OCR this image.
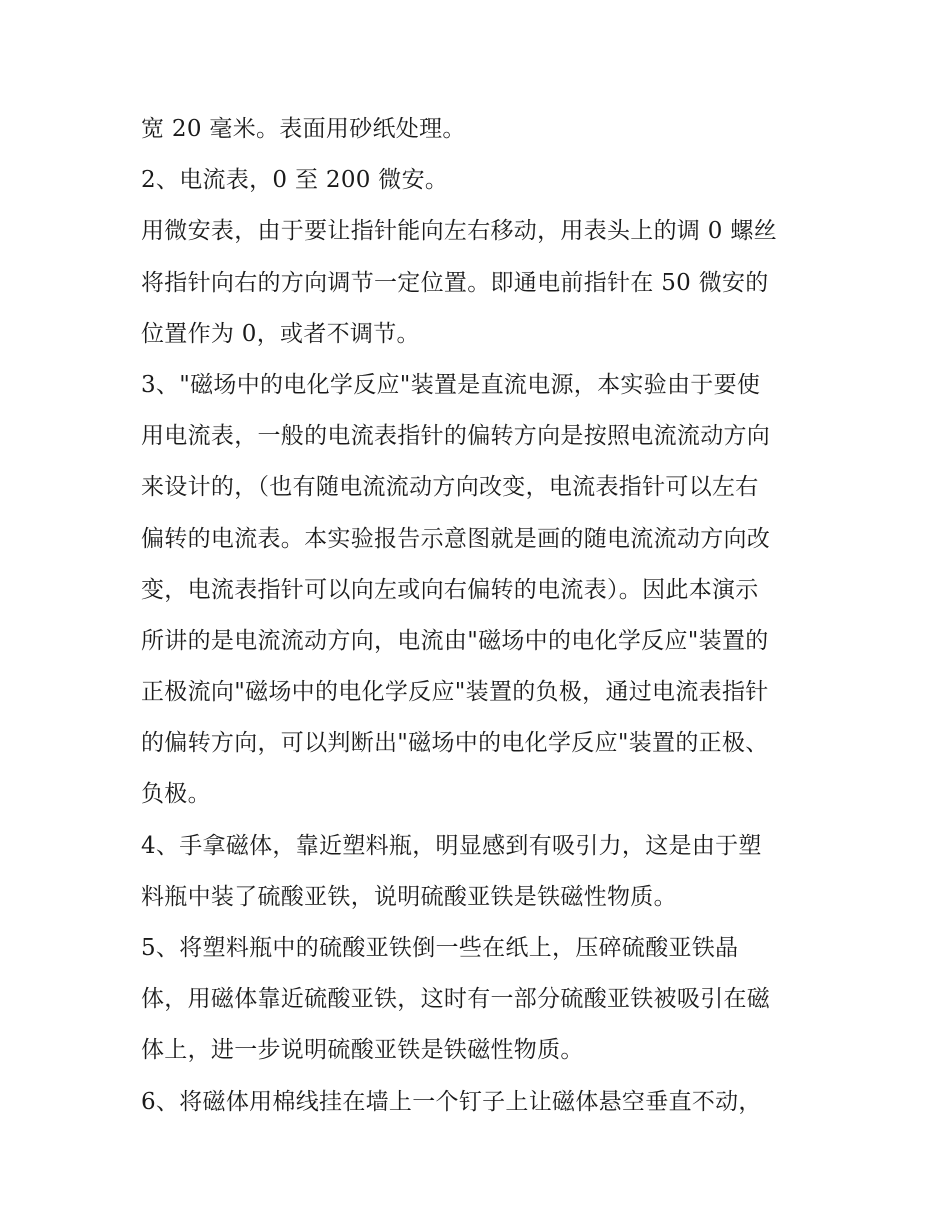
宽 20 毫米。表面用砂纸处理。
2、电流表，0 至 200 微安。
用微安表，由于要让指针能向左右移动，用表头上的调 0 螺丝
将指针向右的方向调节一定位置。即通电前指针在 50 微安的
位置作为 0，或者不调节。
3、"磁场中的电化学反应"装置是直流电源，本实验由于要使
用电流表，一般的电流表指针的偏转方向是按照电流流动方向
来设计的，（也有随电流流动方向改变，电流表指针可以左右
偏转的电流表。本实验报告示意图就是画的随电流流动方向改
变，电流表指针可以向左或向右偏转的电流表）。因此本演示
所讲的是电流流动方向，电流由"磁场中的电化学反应"装置的
正极流向"磁场中的电化学反应"装置的负极，通过电流表指针
的偏转方向，可以判断出"磁场中的电化学反应"装置的正极、
负极。
4、手拿磁体，靠近塑料瓶，明显感到有吸引力，这是由于塑
料瓶中装了硫酸亚铁，说明硫酸亚铁是铁磁性物质。
5、将塑料瓶中的硫酸亚铁倒一些在纸上，压碎硫酸亚铁晶
体，用磁体靠近硫酸亚铁，这时有一部分硫酸亚铁被吸引在磁
体上，进一步说明硫酸亚铁是铁磁性物质。
6、将磁体用棉线挂在墙上一个钉子上让磁体悬空垂直不动，
